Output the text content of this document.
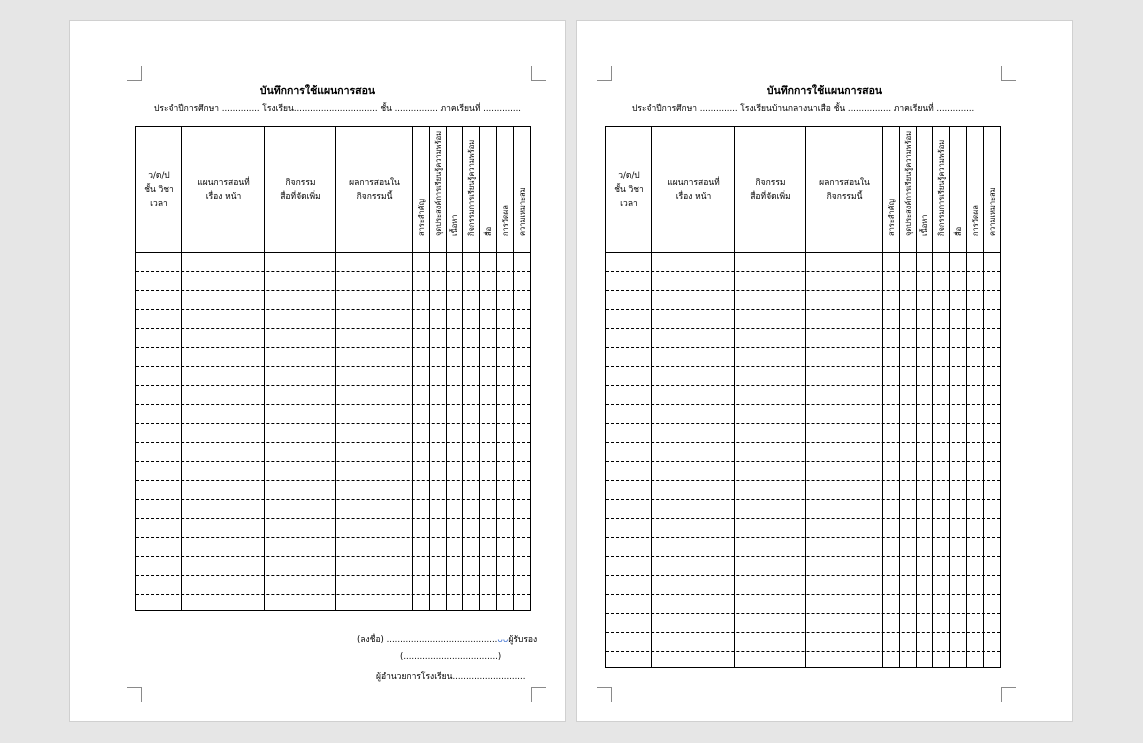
บันทึกการใช้แผนการสอน
ประจำปีการศึกษา .............. โรงเรียน............................... ชั้น ................ ภาคเรียนที่ ..............
ว/ด/ป
ชั้น วิชา
เวลา
แผนการสอนที่
เรื่อง หน้า
กิจกรรม
สื่อที่จัดเพิ่ม
ผลการสอนใน
กิจกรรมนี้
สาระสำคัญ จุดประสงค์การเรียนรู้ความพร้อม เนื้อหา กิจกรรมการเรียนรู้ความพร้อม สื่อ การวัดผล ความเหมาะสม
(ลงชื่อ) .........................................ᴗᴗผู้รับรอง
(...................................)
ผู้อำนวยการโรงเรียน...........................
บันทึกการใช้แผนการสอน
ประจำปีการศึกษา .............. โรงเรียนบ้านกลางนาเสือ ชั้น ................ ภาคเรียนที่ ..............
ว/ด/ป
ชั้น วิชา
เวลา
แผนการสอนที่
เรื่อง หน้า
กิจกรรม
สื่อที่จัดเพิ่ม
ผลการสอนใน
กิจกรรมนี้
สาระสำคัญ จุดประสงค์การเรียนรู้ความพร้อม เนื้อหา กิจกรรมการเรียนรู้ความพร้อม สื่อ การวัดผล ความเหมาะสม
